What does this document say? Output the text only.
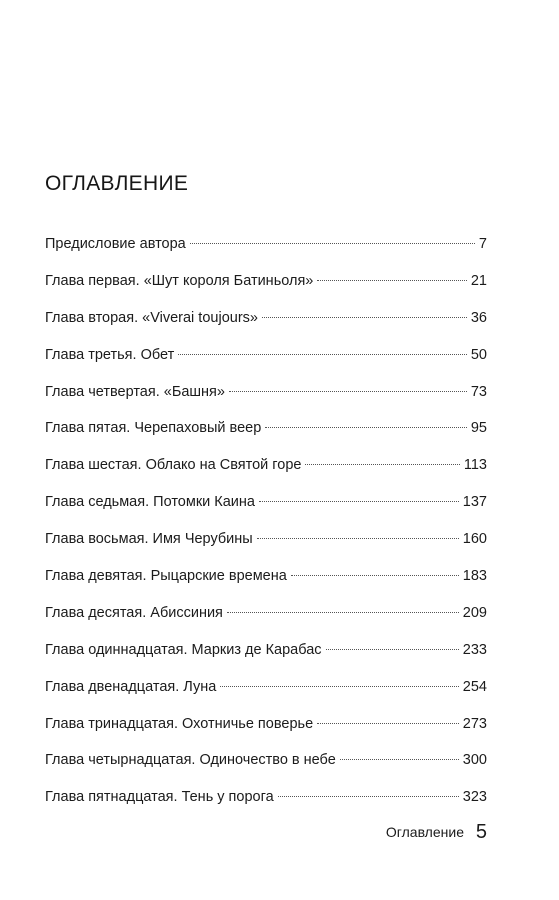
ОГЛАВЛЕНИЕ
Предисловие автора	7
Глава первая. «Шут короля Батиньоля»	21
Глава вторая. «Viverai toujours»	36
Глава третья. Обет	50
Глава четвертая. «Башня»	73
Глава пятая. Черепаховый веер	95
Глава шестая. Облако на Святой горе	113
Глава седьмая. Потомки Каина	137
Глава восьмая. Имя Черубины	160
Глава девятая. Рыцарские времена	183
Глава десятая. Абиссиния	209
Глава одиннадцатая. Маркиз де Карабас	233
Глава двенадцатая. Луна	254
Глава тринадцатая. Охотничье поверье	273
Глава четырнадцатая. Одиночество в небе	300
Глава пятнадцатая. Тень у порога	323
Оглавление 5
